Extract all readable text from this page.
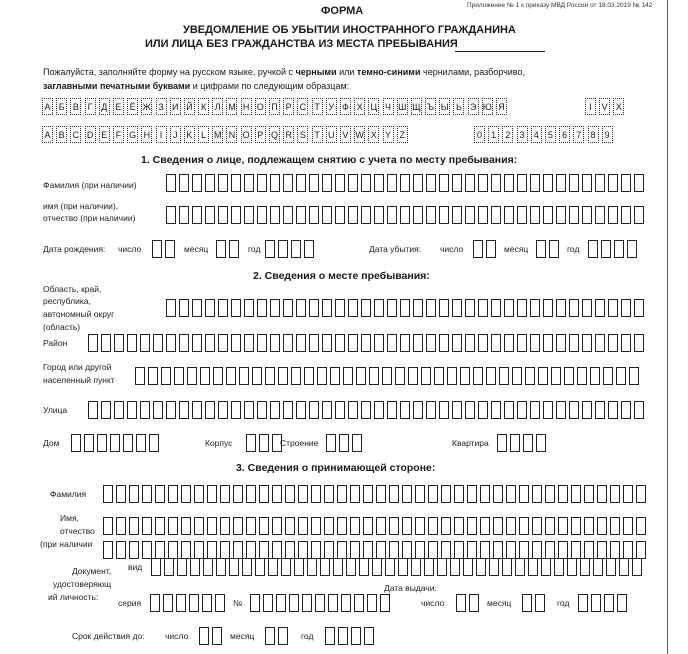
Приложение № 1 к приказу МВД России от 18.03.2019 № 142
ФОРМА
УВЕДОМЛЕНИЕ ОБ УБЫТИИ ИНОСТРАННОГО ГРАЖДАНИНА
ИЛИ ЛИЦА БЕЗ ГРАЖДАНСТВА ИЗ МЕСТА ПРЕБЫВАНИЯ
Пожалуйста, заполняйте форму на русском языке, ручкой с черными или темно-синими чернилами, разборчиво,
заглавными печатными буквами и цифрами по следующим образцам:
А Б В Г Д Е Ё Ж З И Й К Л М Н О П Р С Т У Ф Х Ц Ч Ш Щ Ъ Ы Ь Э Ю Я	I	V X
A B C D E F G H	I	J K L M N O P Q R S T U V W X Y Z	0	1	2	3	4	5	6	7	8	9
1. Сведения о лице, подлежащем снятию с учета по месту пребывания:
Фамилия (при наличии)
имя (при наличии),
отчество (при наличии)
Дата рождения: число	месяц	год	Дата убытия: число	месяц	год
2. Сведения о месте пребывания:
Область, край,
республика,
автономный округ
(область)
Район
Город или другой
населенный пункт
Улица
Дом	Корпус	Строение	Квартира
3. Сведения о принимающей стороне:
Фамилия
Имя,
отчество
(при наличии
Документ,
удостоверяющ
ий личность:
вид
Дата выдачи:
серия	№	число	месяц	год
Срок действия до: число	месяц	год
